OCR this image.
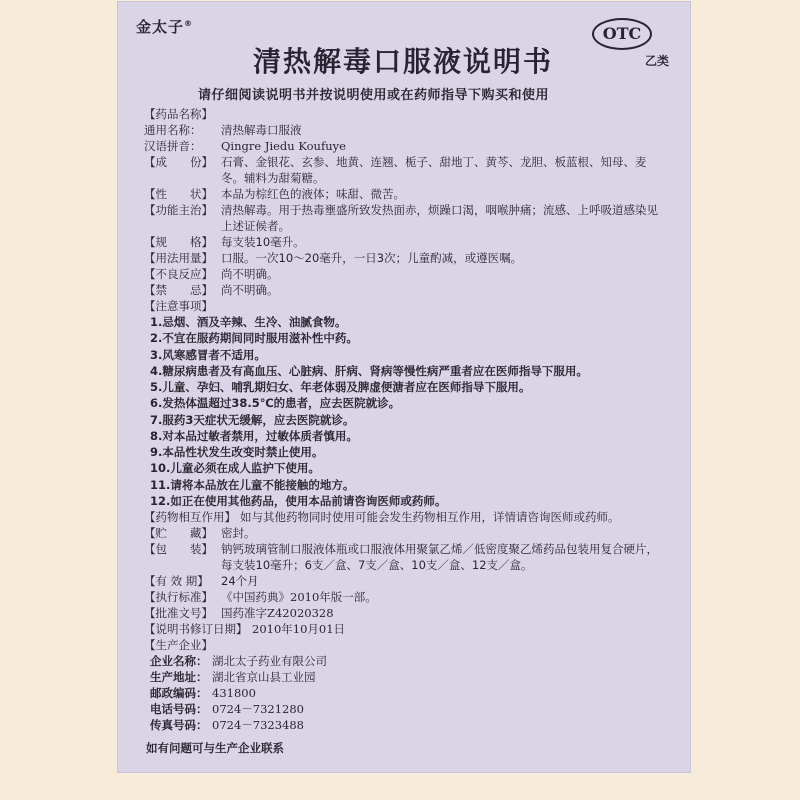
金太子®
清热解毒口服液说明书
OTC
乙类
请仔细阅读说明书并按说明使用或在药师指导下购买和使用
【药品名称】
通用名称： 清热解毒口服液
汉语拼音： Qingre Jiedu Koufuye
【成　　份】 石膏、金银花、玄参、地黄、连翘、栀子、甜地丁、黄芩、龙胆、板蓝根、知母、麦冬。辅料为甜菊糖。
【性　　状】 本品为棕红色的液体；味甜、微苦。
【功能主治】 清热解毒。用于热毒壅盛所致发热面赤，烦躁口渴，咽喉肿痛；流感、上呼吸道感染见上述证候者。
【规　　格】 每支装10毫升。
【用法用量】 口服。一次10～20毫升，一日3次；儿童酌减，或遵医嘱。
【不良反应】 尚不明确。
【禁　　忌】 尚不明确。
【注意事项】
1.忌烟、酒及辛辣、生冷、油腻食物。
2.不宜在服药期间同时服用滋补性中药。
3.风寒感冒者不适用。
4.糖尿病患者及有高血压、心脏病、肝病、肾病等慢性病严重者应在医师指导下服用。
5.儿童、孕妇、哺乳期妇女、年老体弱及脾虚便溏者应在医师指导下服用。
6.发热体温超过38.5℃的患者，应去医院就诊。
7.服药3天症状无缓解，应去医院就诊。
8.对本品过敏者禁用，过敏体质者慎用。
9.本品性状发生改变时禁止使用。
10.儿童必须在成人监护下使用。
11.请将本品放在儿童不能接触的地方。
12.如正在使用其他药品，使用本品前请咨询医师或药师。
【药物相互作用】 如与其他药物同时使用可能会发生药物相互作用，详情请咨询医师或药师。
【贮　　藏】 密封。
【包　　装】 钠钙玻璃管制口服液体瓶或口服液体用聚氯乙烯／低密度聚乙烯药品包装用复合硬片，每支装10毫升；6支／盒、7支／盒、10支／盒、12支／盒。
【有 效 期】 24个月
【执行标准】 《中国药典》2010年版一部。
【批准文号】 国药准字Z42020328
【说明书修订日期】 2010年10月01日
【生产企业】
企业名称： 湖北太子药业有限公司
生产地址： 湖北省京山县工业园
邮政编码： 431800
电话号码： 0724－7321280
传真号码： 0724－7323488
如有问题可与生产企业联系
